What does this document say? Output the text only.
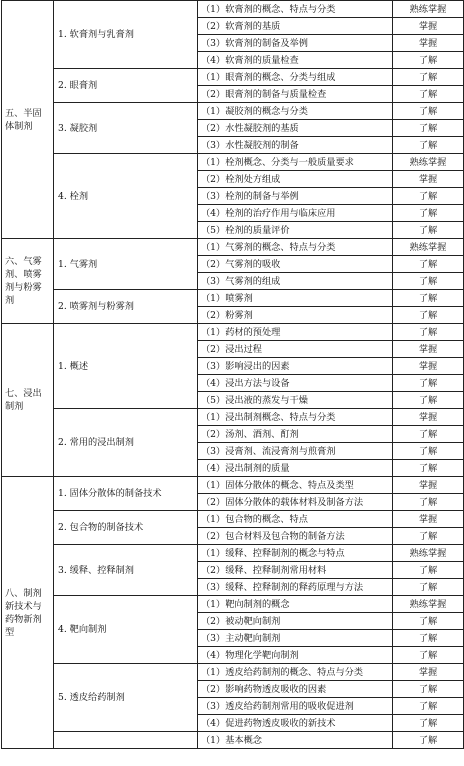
五、半固体制剂	1. 软膏剂与乳膏剂	（1）软膏剂的概念、特点与分类	熟练掌握
		（2）软膏剂的基质	掌握
		（3）软膏剂的制备及举例	掌握
		（4）软膏剂的质量检查	了解
	2. 眼膏剂	（1）眼膏剂的概念、分类与组成	了解
		（2）眼膏剂的制备与质量检查	了解
	3. 凝胶剂	（1）凝胶剂的概念与分类	了解
		（2）水性凝胶剂的基质	了解
		（3）水性凝胶剂的制备	了解
	4. 栓剂	（1）栓剂概念、分类与一般质量要求	熟练掌握
		（2）栓剂处方组成	掌握
		（3）栓剂的制备与举例	了解
		（4）栓剂的治疗作用与临床应用	了解
		（5）栓剂的质量评价	了解
六、气雾剂、喷雾剂与粉雾剂	1. 气雾剂	（1）气雾剂的概念、特点与分类	熟练掌握
		（2）气雾剂的吸收	了解
		（3）气雾剂的组成	了解
	2. 喷雾剂与粉雾剂	（1）喷雾剂	了解
		（2）粉雾剂	了解
七、浸出制剂	1. 概述	（1）药材的预处理	了解
		（2）浸出过程	掌握
		（3）影响浸出的因素	掌握
		（4）浸出方法与设备	了解
		（5）浸出液的蒸发与干燥	了解
	2. 常用的浸出制剂	（1）浸出制剂概念、特点与分类	掌握
		（2）汤剂、酒剂、酊剂	了解
		（3）浸膏剂、流浸膏剂与煎膏剂	了解
		（4）浸出制剂的质量	了解
八、制剂新技术与药物新剂型	1. 固体分散体的制备技术	（1）固体分散体的概念、特点及类型	掌握
		（2）固体分散体的载体材料及制备方法	了解
	2. 包合物的制备技术	（1）包合物的概念、特点	掌握
		（2）包合材料及包合物的制备方法	了解
	3. 缓释、控释制剂	（1）缓释、控释制剂的概念与特点	熟练掌握
		（2）缓释、控释制剂常用材料	了解
		（3）缓释、控释制剂的释药原理与方法	了解
	4. 靶向制剂	（1）靶向制剂的概念	熟练掌握
		（2）被动靶向制剂	了解
		（3）主动靶向制剂	了解
		（4）物理化学靶向制剂	了解
	5. 透皮给药制剂	（1）透皮给药制剂的概念、特点与分类	掌握
		（2）影响药物透皮吸收的因素	了解
		（3）透皮给药制剂常用的吸收促进剂	了解
		（4）促进药物透皮吸收的新技术	了解
		（1）基本概念	了解
